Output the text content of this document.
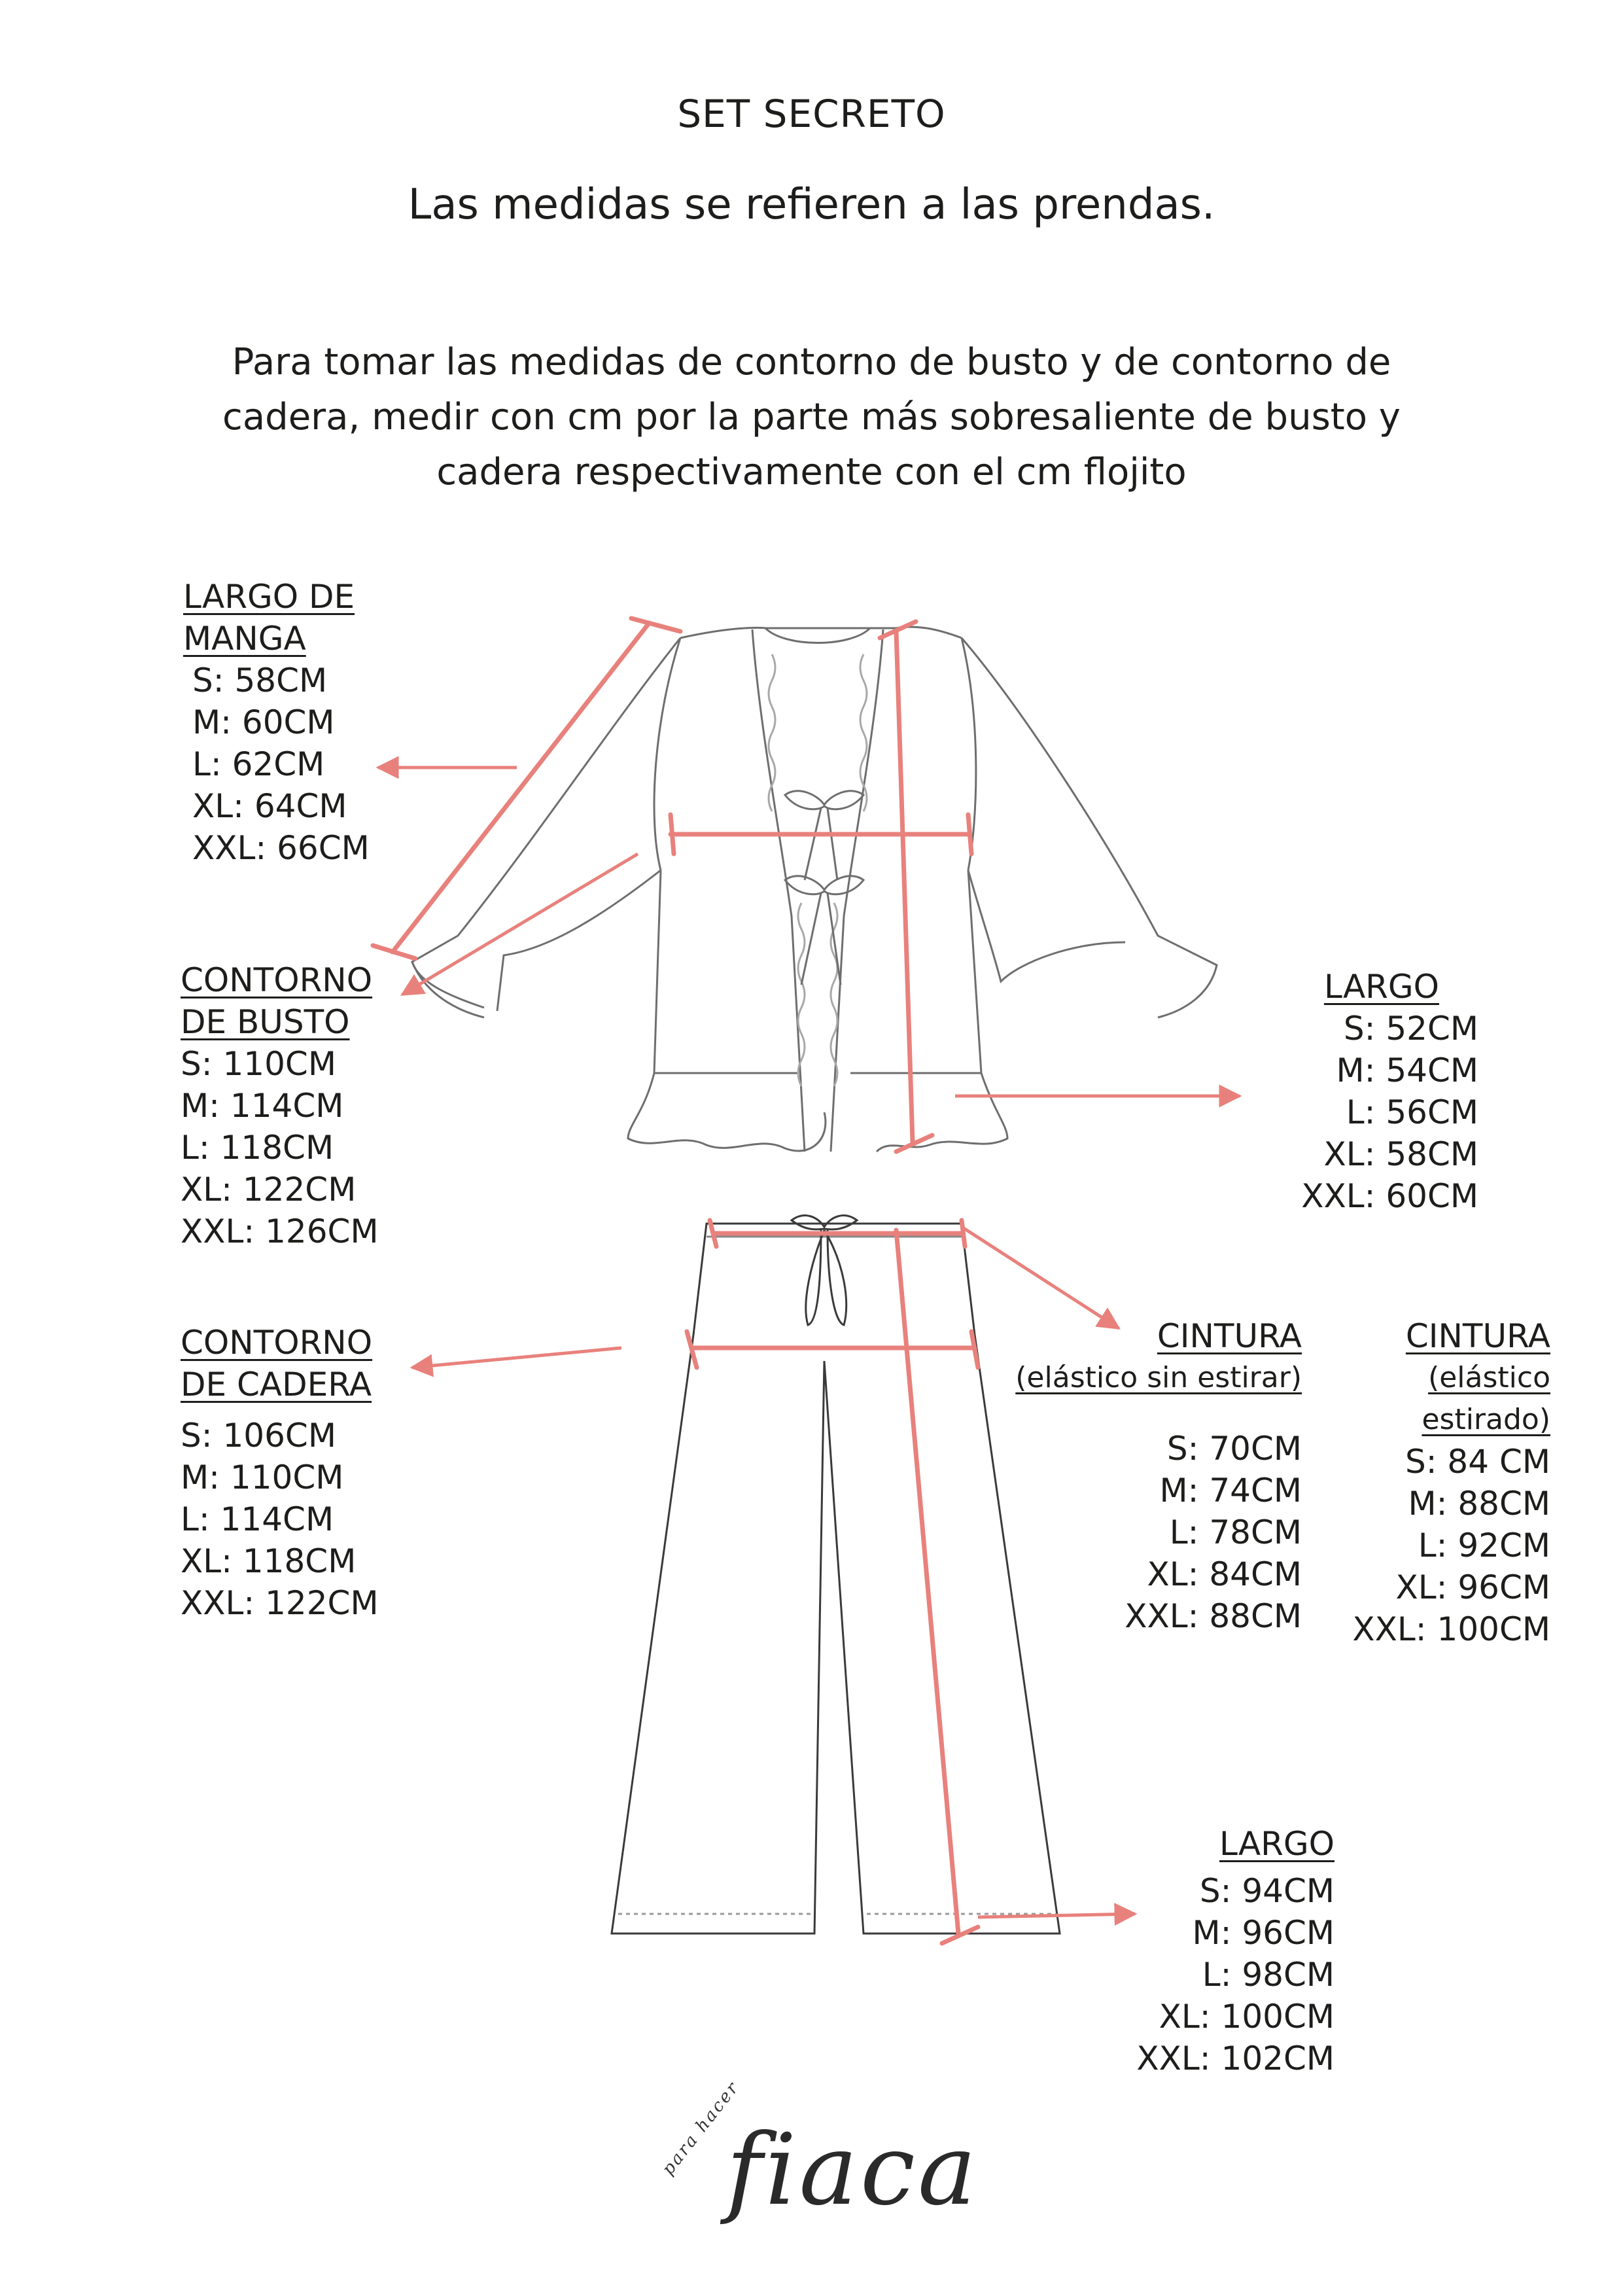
SET SECRETO
Las medidas se refieren a las prendas.
Para tomar las medidas de contorno de busto y de contorno de
cadera, medir con cm por la parte más sobresaliente de busto y
cadera respectivamente con el cm flojito
LARGO DE
MANGA
S: 58CM
M: 60CM
L: 62CM
XL: 64CM
XXL: 66CM
CONTORNO
DE BUSTO
S: 110CM
M: 114CM
L: 118CM
XL: 122CM
XXL: 126CM
LARGO
S: 52CM
M: 54CM
L: 56CM
XL: 58CM
XXL: 60CM
CONTORNO
DE CADERA
S: 106CM
M: 110CM
L: 114CM
XL: 118CM
XXL: 122CM
CINTURA
(elástico sin estirar)
S: 70CM
M: 74CM
L: 78CM
XL: 84CM
XXL: 88CM
CINTURA
(elástico
estirado)
S: 84 CM
M: 88CM
L: 92CM
XL: 96CM
XXL: 100CM
LARGO
S: 94CM
M: 96CM
L: 98CM
XL: 100CM
XXL: 102CM
para hacer
fiaca
